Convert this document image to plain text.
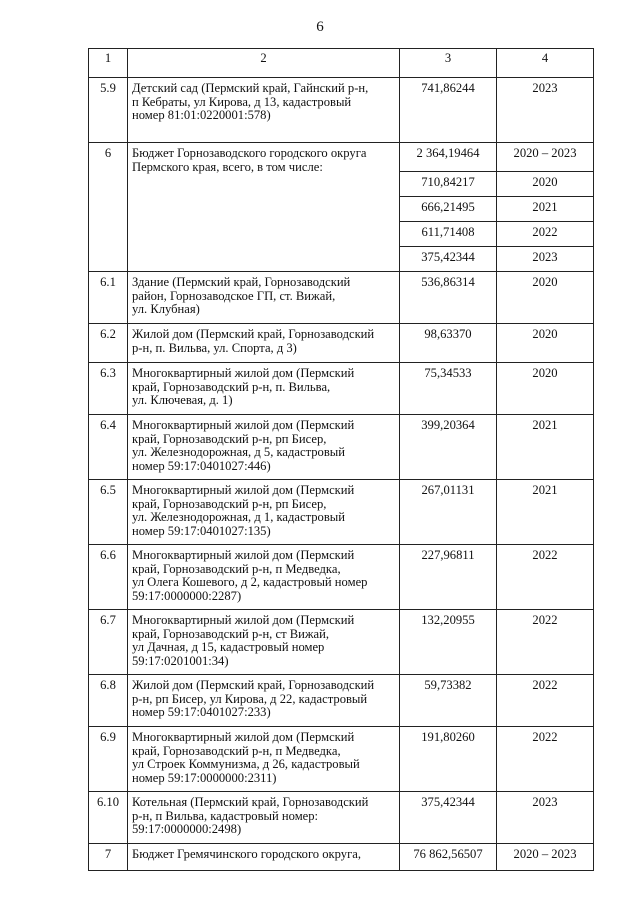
6
1	2	3	4
5.9	Детский сад (Пермский край, Гайнский р-н,
п Кебраты, ул Кирова, д 13, кадастровый
номер 81:01:0220001:578)	741,86244	2023
6	Бюджет Горнозаводского городского округа
Пермского края, всего, в том числе:	2 364,19464	2020 – 2023
		710,84217	2020
		666,21495	2021
		611,71408	2022
		375,42344	2023
6.1	Здание (Пермский край, Горнозаводский
район, Горнозаводское ГП, ст. Вижай,
ул. Клубная)	536,86314	2020
6.2	Жилой дом (Пермский край, Горнозаводский
р-н, п. Вильва, ул. Спорта, д 3)	98,63370	2020
6.3	Многоквартирный жилой дом (Пермский
край, Горнозаводский р-н, п. Вильва,
ул. Ключевая, д. 1)	75,34533	2020
6.4	Многоквартирный жилой дом (Пермский
край, Горнозаводский р-н, рп Бисер,
ул. Железнодорожная, д 5, кадастровый
номер 59:17:0401027:446)	399,20364	2021
6.5	Многоквартирный жилой дом (Пермский
край, Горнозаводский р-н, рп Бисер,
ул. Железнодорожная, д 1, кадастровый
номер 59:17:0401027:135)	267,01131	2021
6.6	Многоквартирный жилой дом (Пермский
край, Горнозаводский р-н, п Медведка,
ул Олега Кошевого, д 2, кадастровый номер
59:17:0000000:2287)	227,96811	2022
6.7	Многоквартирный жилой дом (Пермский
край, Горнозаводский р-н, ст Вижай,
ул Дачная, д 15, кадастровый номер
59:17:0201001:34)	132,20955	2022
6.8	Жилой дом (Пермский край, Горнозаводский
р-н, рп Бисер, ул Кирова, д 22, кадастровый
номер 59:17:0401027:233)	59,73382	2022
6.9	Многоквартирный жилой дом (Пермский
край, Горнозаводский р-н, п Медведка,
ул Строек Коммунизма, д 26, кадастровый
номер 59:17:0000000:2311)	191,80260	2022
6.10	Котельная (Пермский край, Горнозаводский
р-н, п Вильва, кадастровый номер:
59:17:0000000:2498)	375,42344	2023
7	Бюджет Гремячинского городского округа,	76 862,56507	2020 – 2023
